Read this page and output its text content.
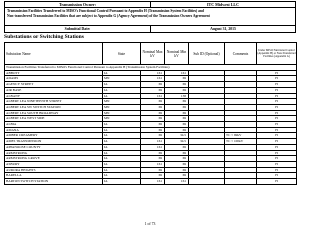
Transmission Owner:	ITC Midwest LLC

Transmission Facilities Transferred to MISO's Functional Control Pursuant to Appendix H (Transmission System Facilities) and

Non-transferred Transmission Facilities that are subject to Appendix G (Agency Agreement) of the Transmission Owners Agreement

Submittal Date:	August 31, 2015
Substations or Switching Stations
Substation Name	State	Nominal Max kV	Nominal Min kV	Sub ID (Optional)	Comments	Under MISO Functional Control (Appendix H) or Non-Transferred Facilities (Appendix G)
Transmission Facilities Transferred to MISO's Functional Control Pursuant to Appendix H (Transmission System Facilities)						
ABBOTT	IA	161	161			H
ADAMS	MN	161	69			H
AGENCY STREET	IA	69	69			H
AIR BASE	IA	69	69			H
ALBANY	IA	161	138			H
ALBERT LEA NINETEENTH STREET	MN	69	69			H
ALBERT LEA SW SWITCH STATION	MN	69	69			H
ALBERT LEA SOUTH BROADWAY	MN	69	69			H
ALBERT LEA WEST SIDE	MN	69	69			H
ALBIA	IA	69	69			H
AMANA	IA	69	69			H
AMBER CREAMERY	IA	69	34.5		TC < 69kV	H
AMES TRANSMISSION	IA	161	34.5		TC < 100kV	H
APPANOOSE COUNTY	IA	161	69			H
ARMSTRONG	IA	69	69			H
ARMSTRONG GROVE	IA	69	69			H
ASBURY	IA	161	69			H
AURORA HEIGHTS	IA	69	69			H
BARELLA	IA	69	69			H
BARTON SWITCH STATION	IA	161	161			H
1 of 73
